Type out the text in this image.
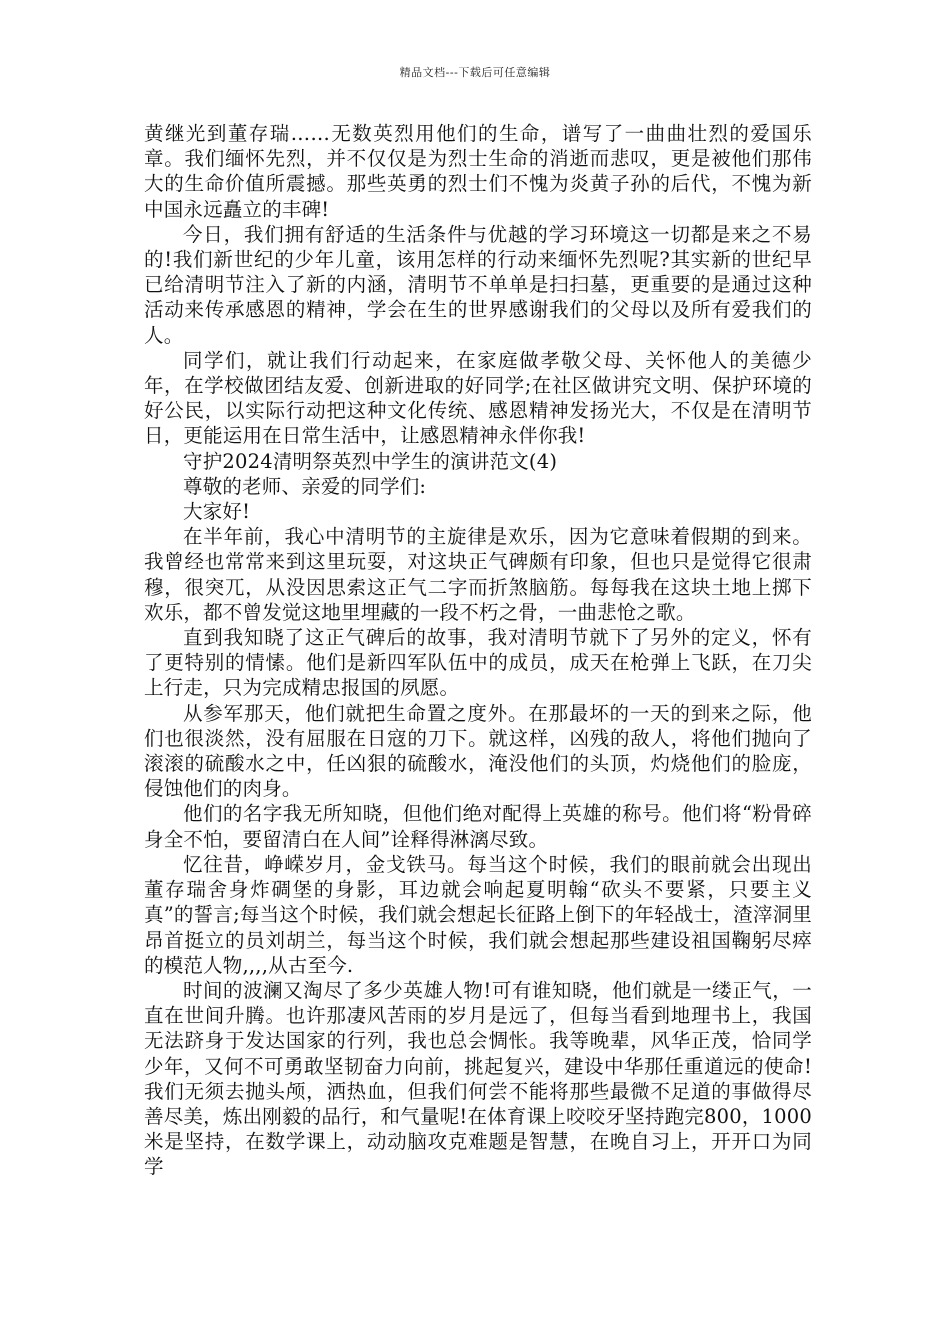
精品文档---下载后可任意编辑

黄继光到董存瑞……无数英烈用他们的生命，谱写了一曲曲壮烈的爱国乐章。我们缅怀先烈，并不仅仅是为烈士生命的消逝而悲叹，更是被他们那伟大的生命价值所震撼。那些英勇的烈士们不愧为炎黄子孙的后代，不愧为新中国永远矗立的丰碑!

今日，我们拥有舒适的生活条件与优越的学习环境这一切都是来之不易的!我们新世纪的少年儿童，该用怎样的行动来缅怀先烈呢?其实新的世纪早已给清明节注入了新的内涵，清明节不单单是扫扫墓，更重要的是通过这种活动来传承感恩的精神，学会在生的世界感谢我们的父母以及所有爱我们的人。

同学们，就让我们行动起来，在家庭做孝敬父母、关怀他人的美德少年，在学校做团结友爱、创新进取的好同学;在社区做讲究文明、保护环境的好公民，以实际行动把这种文化传统、感恩精神发扬光大，不仅是在清明节日，更能运用在日常生活中，让感恩精神永伴你我!

守护2024清明祭英烈中学生的演讲范文(4)

尊敬的老师、亲爱的同学们:

大家好!

在半年前，我心中清明节的主旋律是欢乐，因为它意味着假期的到来。我曾经也常常来到这里玩耍，对这块正气碑颇有印象，但也只是觉得它很肃穆，很突兀，从没因思索这正气二字而折煞脑筋。每每我在这块土地上掷下欢乐，都不曾发觉这地里埋藏的一段不朽之骨，一曲悲怆之歌。

直到我知晓了这正气碑后的故事，我对清明节就下了另外的定义，怀有了更特别的情愫。他们是新四军队伍中的成员，成天在枪弹上飞跃，在刀尖上行走，只为完成精忠报国的夙愿。

从参军那天，他们就把生命置之度外。在那最坏的一天的到来之际，他们也很淡然，没有屈服在日寇的刀下。就这样，凶残的敌人，将他们抛向了滚滚的硫酸水之中，任凶狠的硫酸水，淹没他们的头顶，灼烧他们的脸庞，侵蚀他们的肉身。

他们的名字我无所知晓，但他们绝对配得上英雄的称号。他们将“粉骨碎身全不怕，要留清白在人间”诠释得淋漓尽致。

忆往昔，峥嵘岁月，金戈铁马。每当这个时候，我们的眼前就会出现出董存瑞舍身炸碉堡的身影，耳边就会响起夏明翰“砍头不要紧，只要主义真”的誓言;每当这个时候，我们就会想起长征路上倒下的年轻战士，渣滓洞里昂首挺立的员刘胡兰，每当这个时候，我们就会想起那些建设祖国鞠躬尽瘁的模范人物,,,,从古至今.

时间的波澜又淘尽了多少英雄人物!可有谁知晓，他们就是一缕正气，一直在世间升腾。也许那凄风苦雨的岁月是远了，但每当看到地理书上，我国无法跻身于发达国家的行列，我也总会惆怅。我等晚辈，风华正茂，恰同学少年，又何不可勇敢坚韧奋力向前，挑起复兴，建设中华那任重道远的使命!我们无须去抛头颅，洒热血，但我们何尝不能将那些最微不足道的事做得尽善尽美，炼出刚毅的品行，和气量呢!在体育课上咬咬牙坚持跑完800，1000米是坚持，在数学课上，动动脑攻克难题是智慧，在晚自习上，开开口为同学
